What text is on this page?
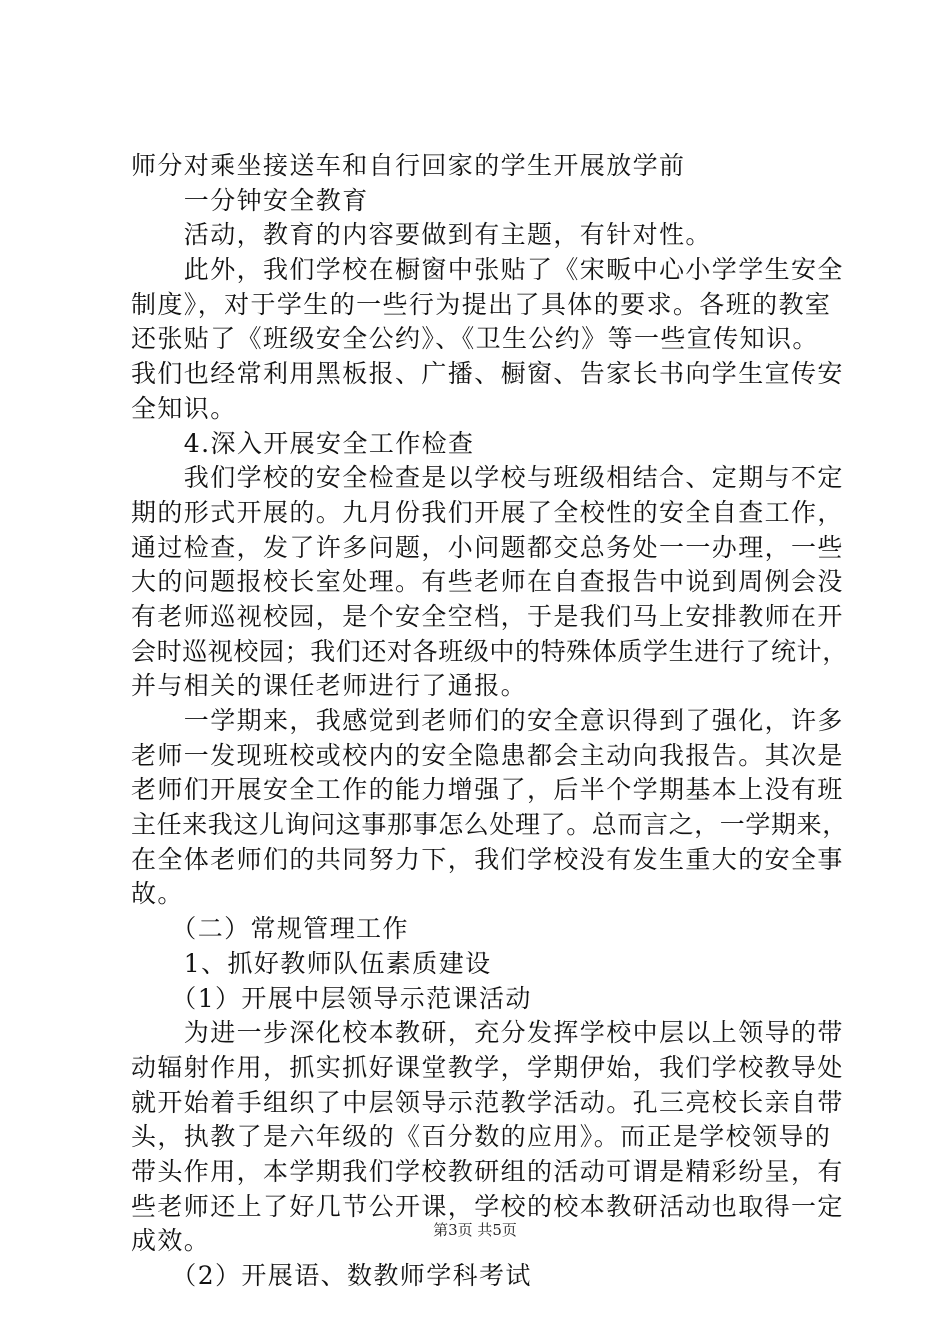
师分对乘坐接送车和自行回家的学生开展放学前
　　一分钟安全教育
　　活动，教育的内容要做到有主题，有针对性。
　　此外，我们学校在橱窗中张贴了《宋畈中心小学学生安全
制度》，对于学生的一些行为提出了具体的要求。各班的教室
还张贴了《班级安全公约》、《卫生公约》等一些宣传知识。
我们也经常利用黑板报、广播、橱窗、告家长书向学生宣传安
全知识。
　　4.深入开展安全工作检查
　　我们学校的安全检查是以学校与班级相结合、定期与不定
期的形式开展的。九月份我们开展了全校性的安全自查工作，
通过检查，发了许多问题，小问题都交总务处一一办理，一些
大的问题报校长室处理。有些老师在自查报告中说到周例会没
有老师巡视校园，是个安全空档，于是我们马上安排教师在开
会时巡视校园；我们还对各班级中的特殊体质学生进行了统计，
并与相关的课任老师进行了通报。
　　一学期来，我感觉到老师们的安全意识得到了强化，许多
老师一发现班校或校内的安全隐患都会主动向我报告。其次是
老师们开展安全工作的能力增强了，后半个学期基本上没有班
主任来我这儿询问这事那事怎么处理了。总而言之，一学期来，
在全体老师们的共同努力下，我们学校没有发生重大的安全事
故。
　　（二）常规管理工作
　　1、抓好教师队伍素质建设
　　（1）开展中层领导示范课活动
　　为进一步深化校本教研，充分发挥学校中层以上领导的带
动辐射作用，抓实抓好课堂教学，学期伊始，我们学校教导处
就开始着手组织了中层领导示范教学活动。孔三亮校长亲自带
头，执教了是六年级的《百分数的应用》。而正是学校领导的
带头作用，本学期我们学校教研组的活动可谓是精彩纷呈，有
些老师还上了好几节公开课，学校的校本教研活动也取得一定
成效。
　　（2）开展语、数教师学科考试
第3页 共5页
